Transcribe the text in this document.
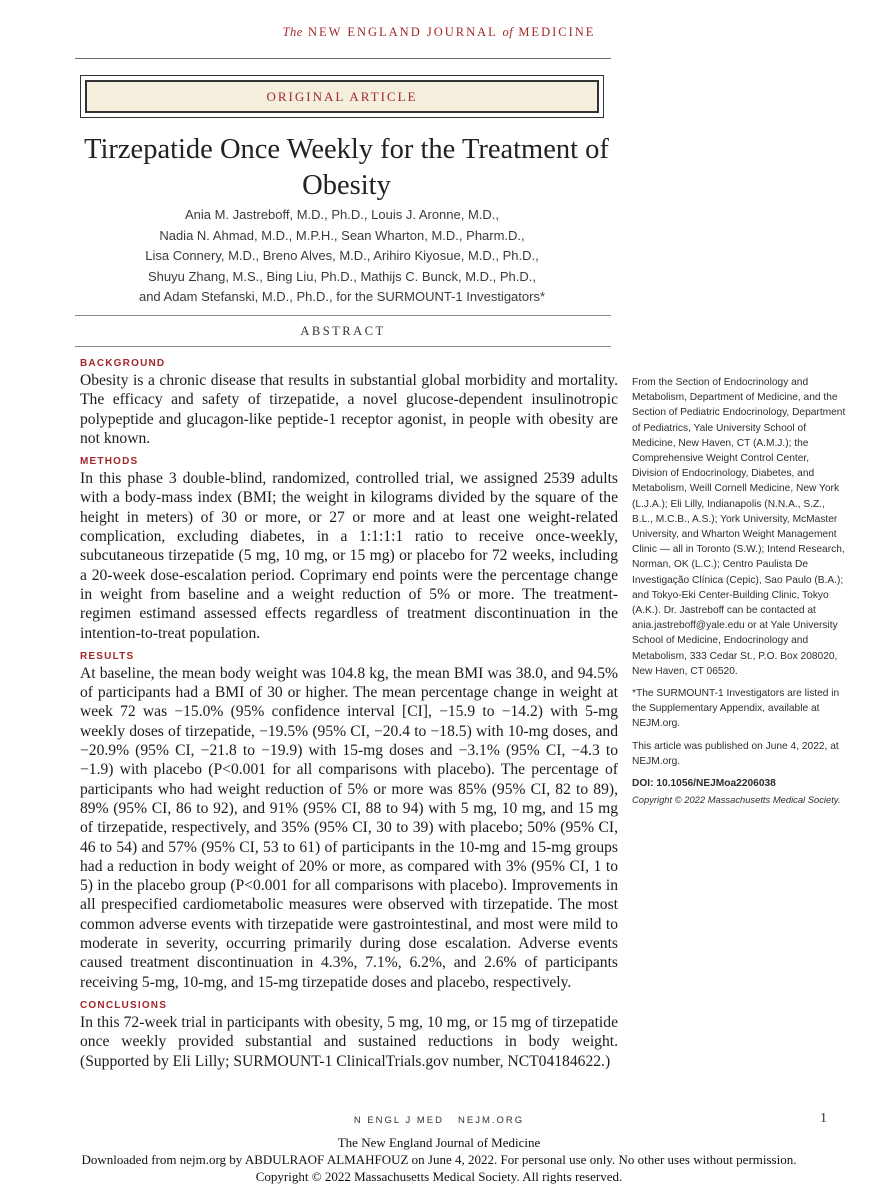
The NEW ENGLAND JOURNAL of MEDICINE
ORIGINAL ARTICLE
Tirzepatide Once Weekly for the Treatment of Obesity
Ania M. Jastreboff, M.D., Ph.D., Louis J. Aronne, M.D.,
Nadia N. Ahmad, M.D., M.P.H., Sean Wharton, M.D., Pharm.D.,
Lisa Connery, M.D., Breno Alves, M.D., Arihiro Kiyosue, M.D., Ph.D.,
Shuyu Zhang, M.S., Bing Liu, Ph.D., Mathijs C. Bunck, M.D., Ph.D.,
and Adam Stefanski, M.D., Ph.D., for the SURMOUNT-1 Investigators*
ABSTRACT

BACKGROUND

Obesity is a chronic disease that results in substantial global morbidity and mortality. The efficacy and safety of tirzepatide, a novel glucose-dependent insulinotropic polypeptide and glucagon-like peptide-1 receptor agonist, in people with obesity are not known.

METHODS

In this phase 3 double-blind, randomized, controlled trial, we assigned 2539 adults with a body-mass index (BMI; the weight in kilograms divided by the square of the height in meters) of 30 or more, or 27 or more and at least one weight-related complication, excluding diabetes, in a 1:1:1:1 ratio to receive once-weekly, subcutaneous tirzepatide (5 mg, 10 mg, or 15 mg) or placebo for 72 weeks, including a 20-week dose-escalation period. Coprimary end points were the percentage change in weight from baseline and a weight reduction of 5% or more. The treatment-regimen estimand assessed effects regardless of treatment discontinuation in the intention-to-treat population.

RESULTS

At baseline, the mean body weight was 104.8 kg, the mean BMI was 38.0, and 94.5% of participants had a BMI of 30 or higher. The mean percentage change in weight at week 72 was −15.0% (95% confidence interval [CI], −15.9 to −14.2) with 5-mg weekly doses of tirzepatide, −19.5% (95% CI, −20.4 to −18.5) with 10-mg doses, and −20.9% (95% CI, −21.8 to −19.9) with 15-mg doses and −3.1% (95% CI, −4.3 to −1.9) with placebo (P<0.001 for all comparisons with placebo). The percentage of participants who had weight reduction of 5% or more was 85% (95% CI, 82 to 89), 89% (95% CI, 86 to 92), and 91% (95% CI, 88 to 94) with 5 mg, 10 mg, and 15 mg of tirzepatide, respectively, and 35% (95% CI, 30 to 39) with placebo; 50% (95% CI, 46 to 54) and 57% (95% CI, 53 to 61) of participants in the 10-mg and 15-mg groups had a reduction in body weight of 20% or more, as compared with 3% (95% CI, 1 to 5) in the placebo group (P<0.001 for all comparisons with placebo). Improvements in all prespecified cardiometabolic measures were observed with tirzepatide. The most common adverse events with tirzepatide were gastrointestinal, and most were mild to moderate in severity, occurring primarily during dose escalation. Adverse events caused treatment discontinuation in 4.3%, 7.1%, 6.2%, and 2.6% of participants receiving 5-mg, 10-mg, and 15-mg tirzepatide doses and placebo, respectively.

CONCLUSIONS

In this 72-week trial in participants with obesity, 5 mg, 10 mg, or 15 mg of tirzepatide once weekly provided substantial and sustained reductions in body weight. (Supported by Eli Lilly; SURMOUNT-1 ClinicalTrials.gov number, NCT04184622.)

From the Section of Endocrinology and Metabolism, Department of Medicine, and the Section of Pediatric Endocrinology, Department of Pediatrics, Yale University School of Medicine, New Haven, CT (A.M.J.); the Comprehensive Weight Control Center, Division of Endocrinology, Diabetes, and Metabolism, Weill Cornell Medicine, New York (L.J.A.); Eli Lilly, Indianapolis (N.N.A., S.Z., B.L., M.C.B., A.S.); York University, McMaster University, and Wharton Weight Management Clinic — all in Toronto (S.W.); Intend Research, Norman, OK (L.C.); Centro Paulista De Investigação Clínica (Cepic), Sao Paulo (B.A.); and Tokyo-Eki Center-Building Clinic, Tokyo (A.K.). Dr. Jastreboff can be contacted at ania.jastreboff@yale.edu or at Yale University School of Medicine, Endocrinology and Metabolism, 333 Cedar St., P.O. Box 208020, New Haven, CT 06520.

*The SURMOUNT-1 Investigators are listed in the Supplementary Appendix, available at NEJM.org.

This article was published on June 4, 2022, at NEJM.org.

DOI: 10.1056/NEJMoa2206038

Copyright © 2022 Massachusetts Medical Society.

N ENGL J MED NEJM.ORG	1
The New England Journal of Medicine
Downloaded from nejm.org by ABDULRAOF ALMAHFOUZ on June 4, 2022. For personal use only. No other uses without permission.
Copyright © 2022 Massachusetts Medical Society. All rights reserved.
